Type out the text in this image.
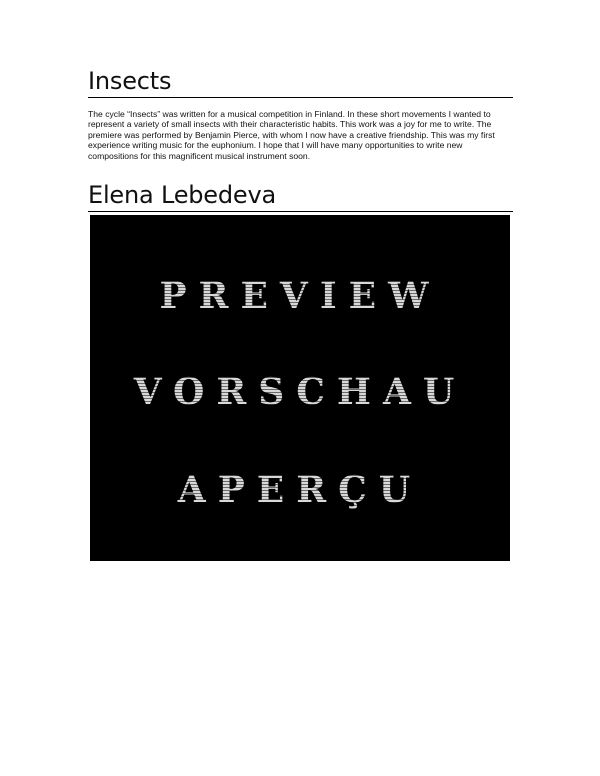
Insects

The cycle “Insects” was written for a musical competition in Finland. In these short movements I wanted to represent a variety of small insects with their characteristic habits. This work was a joy for me to write. The premiere was performed by Benjamin Pierce, with whom I now have a creative friendship. This was my first experience writing music for the euphonium. I hope that I will have many opportunities to write new compositions for this magnificent musical instrument soon.

Elena Lebedeva
PREVIEW
VORSCHAU
APERÇU
